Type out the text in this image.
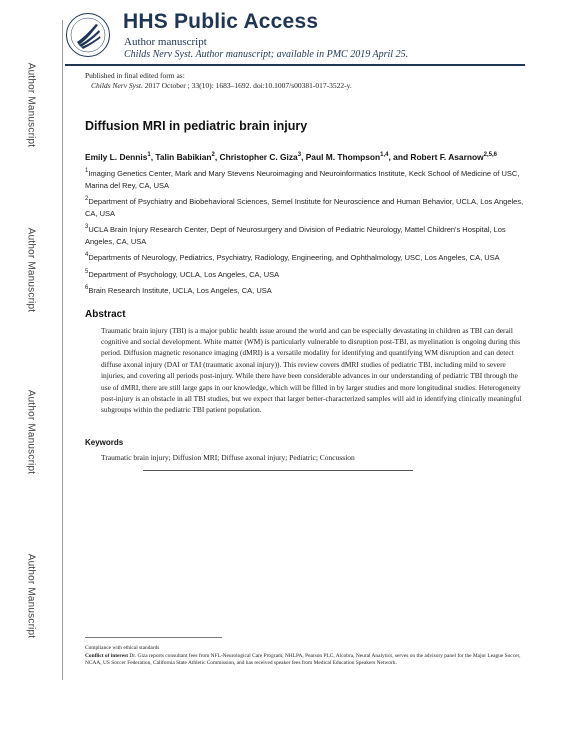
Author Manuscript
Author Manuscript
Author Manuscript
Author Manuscript
HHS Public Access
Author manuscript
Childs Nerv Syst. Author manuscript; available in PMC 2019 April 25.
Published in final edited form as:
Childs Nerv Syst. 2017 October ; 33(10): 1683–1692. doi:10.1007/s00381-017-3522-y.
Diffusion MRI in pediatric brain injury
Emily L. Dennis$^1$, Talin Babikian$^2$, Christopher C. Giza$^3$, Paul M. Thompson$^{1,4}$, and Robert F. Asarnow$^{2,5,6}$
$^1$Imaging Genetics Center, Mark and Mary Stevens Neuroimaging and Neuroinformatics Institute, Keck School of Medicine of USC, Marina del Rey, CA, USA
$^2$Department of Psychiatry and Biobehavioral Sciences, Semel Institute for Neuroscience and Human Behavior, UCLA, Los Angeles, CA, USA
$^3$UCLA Brain Injury Research Center, Dept of Neurosurgery and Division of Pediatric Neurology, Mattel Children's Hospital, Los Angeles, CA, USA
$^4$Departments of Neurology, Pediatrics, Psychiatry, Radiology, Engineering, and Ophthalmology, USC, Los Angeles, CA, USA
$^5$Department of Psychology, UCLA, Los Angeles, CA, USA
$^6$Brain Research Institute, UCLA, Los Angeles, CA, USA
Abstract
Traumatic brain injury (TBI) is a major public health issue around the world and can be especially devastating in children as TBI can derail cognitive and social development. White matter (WM) is particularly vulnerable to disruption post-TBI, as myelination is ongoing during this period. Diffusion magnetic resonance imaging (dMRI) is a versatile modality for identifying and quantifying WM disruption and can detect diffuse axonal injury (DAI or TAI (traumatic axonal injury)). This review covers dMRI studies of pediatric TBI, including mild to severe injuries, and covering all periods post-injury. While there have been considerable advances in our understanding of pediatric TBI through the use of dMRI, there are still large gaps in our knowledge, which will be filled in by larger studies and more longitudinal studies. Heterogeneity post-injury is an obstacle in all TBI studies, but we expect that larger better-characterized samples will aid in identifying clinically meaningful subgroups within the pediatric TBI patient population.
Keywords
Traumatic brain injury; Diffusion MRI; Diffuse axonal injury; Pediatric; Concussion
Compliance with ethical standards
Conflict of interest Dr. Giza reports consultant fees from NFL-Neurological Care Program, NHLPA, Pearson PLC, Alcobra, Neural Analytics, serves on the advisory panel for the Major League Soccer, NCAA, US Soccer Federation, California State Athletic Commission, and has received speaker fees from Medical Education Speakers Network.
